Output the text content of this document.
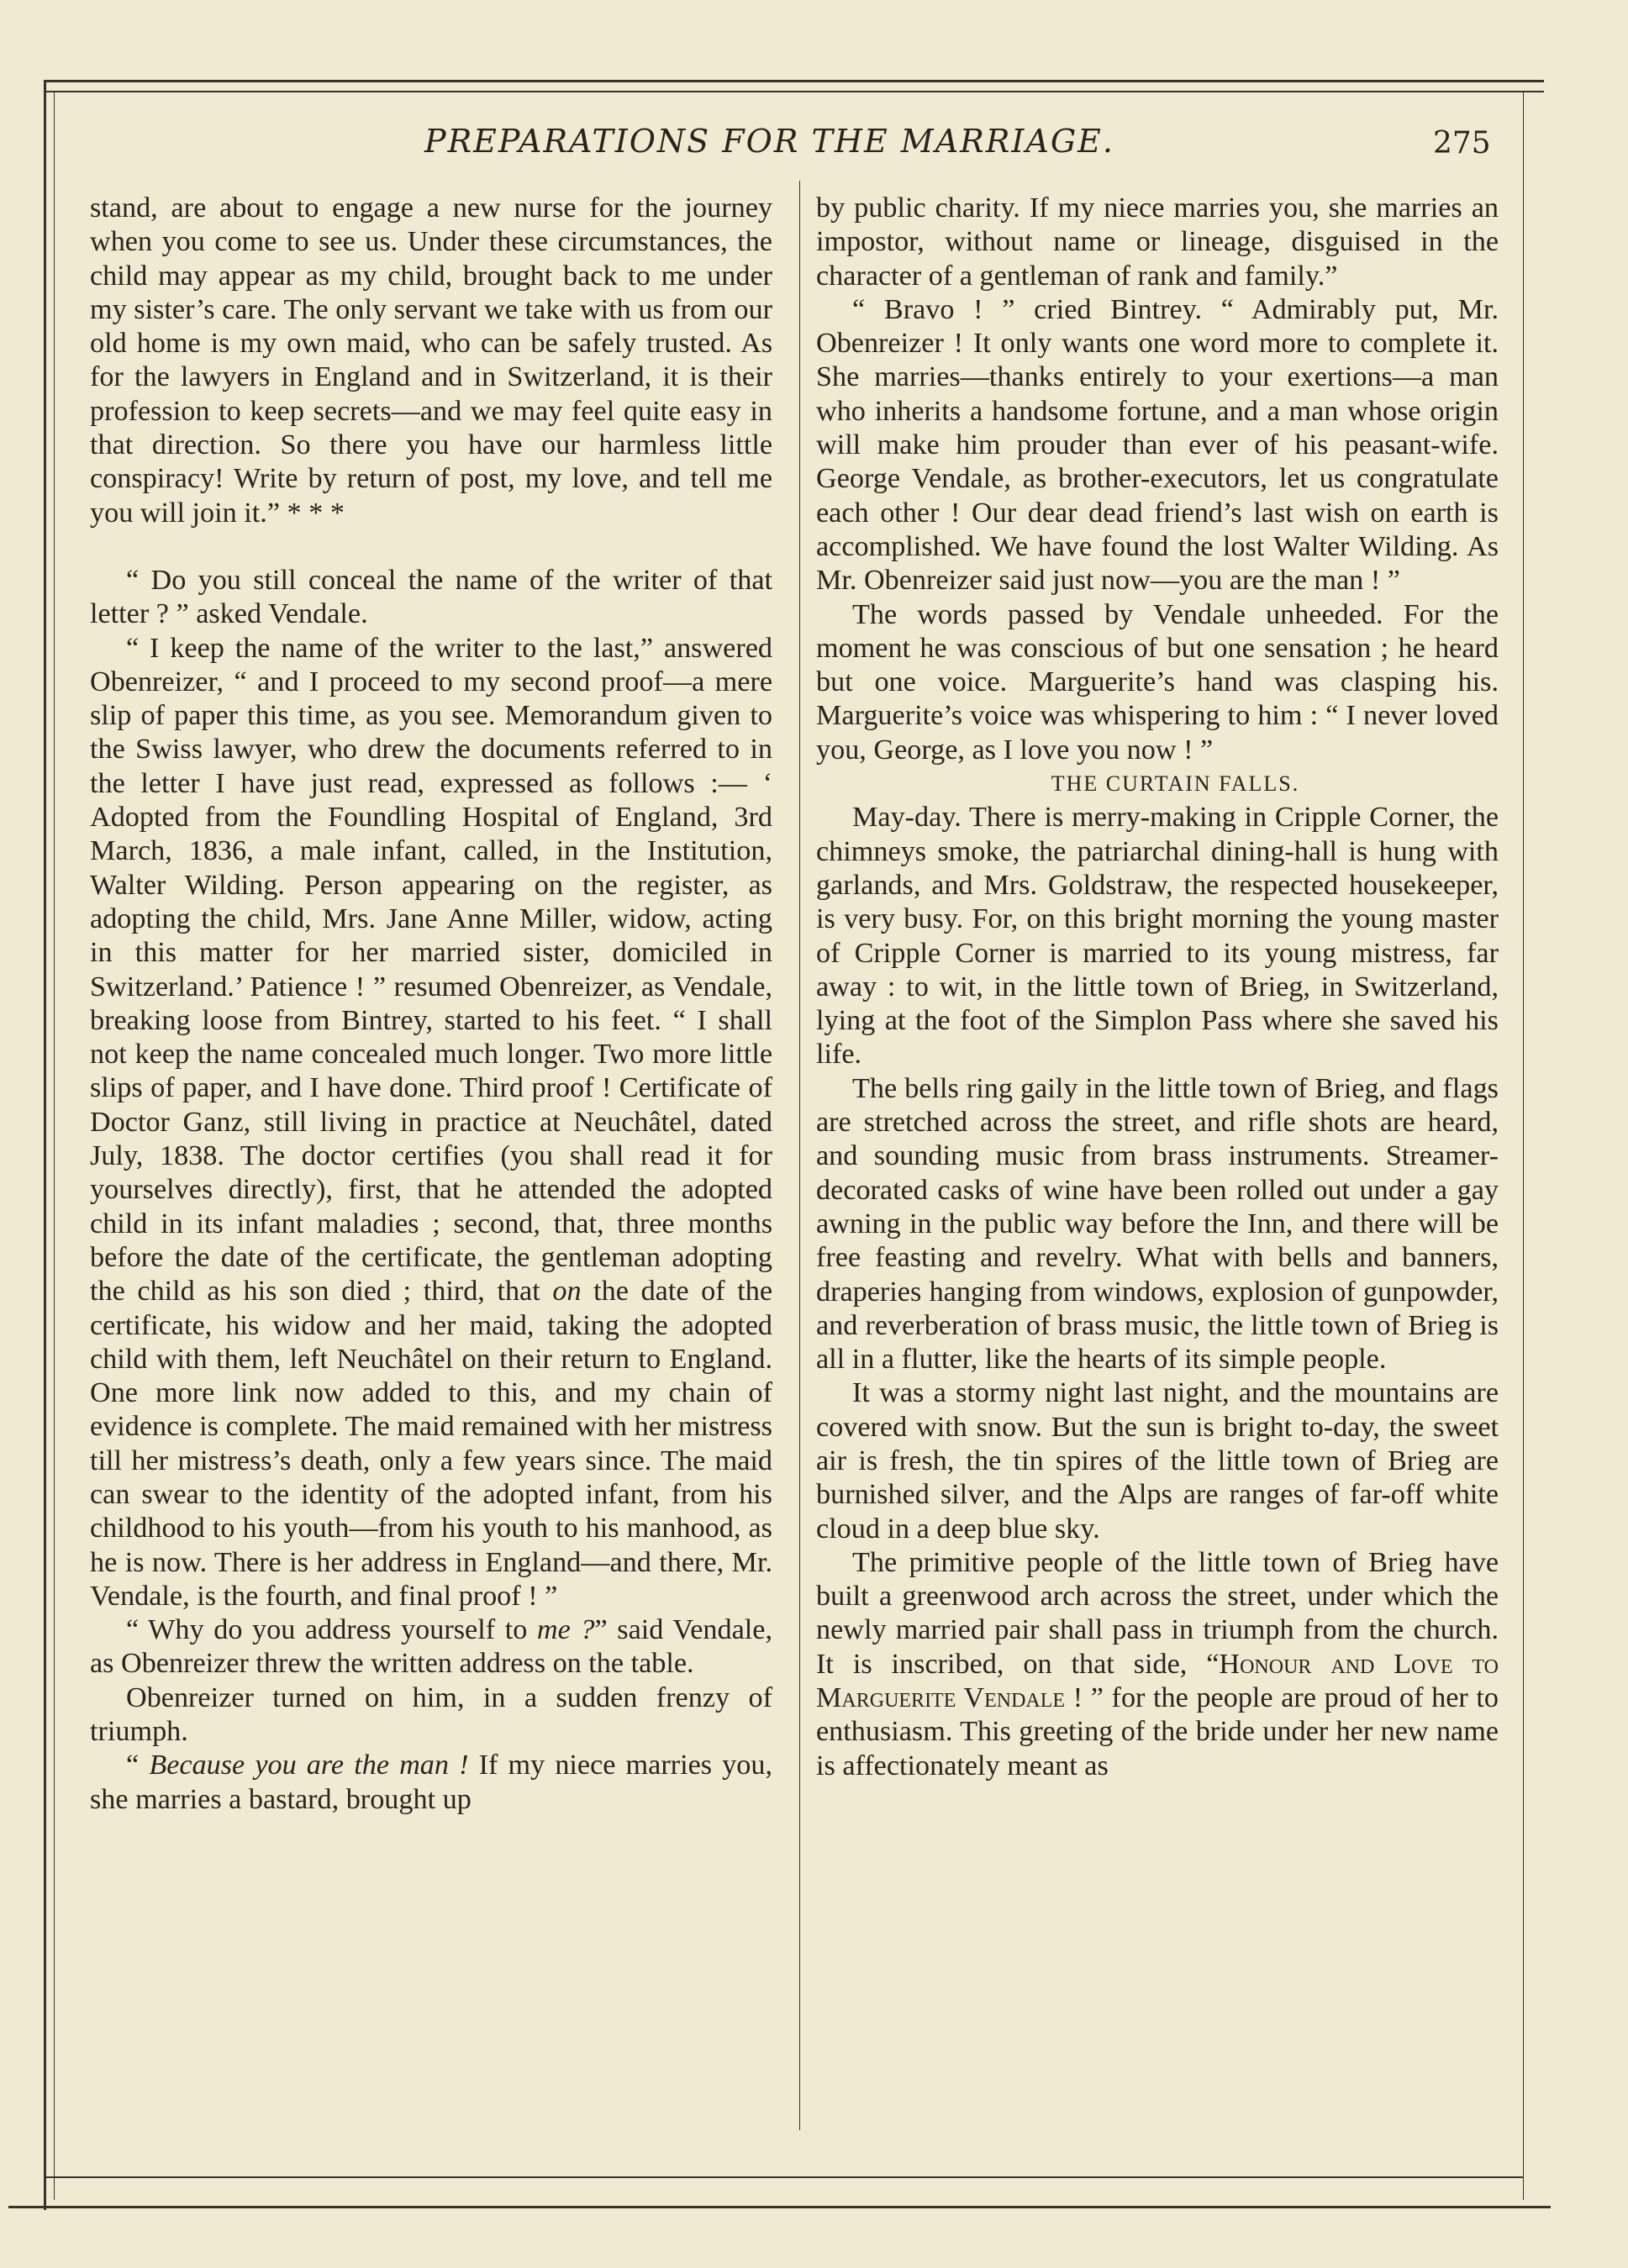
PREPARATIONS FOR THE MARRIAGE.	275

stand, are about to engage a new nurse for the journey when you come to see us. Under these circumstances, the child may appear as my child, brought back to me under my sister’s care. The only servant we take with us from our old home is my own maid, who can be safely trusted. As for the lawyers in England and in Switzerland, it is their profession to keep secrets—and we may feel quite easy in that direction. So there you have our harmless little conspiracy! Write by return of post, my love, and tell me you will join it.” * * *

“ Do you still conceal the name of the writer of that letter ? ” asked Vendale.

“ I keep the name of the writer to the last,” answered Obenreizer, “ and I proceed to my second proof—a mere slip of paper this time, as you see. Memorandum given to the Swiss lawyer, who drew the documents referred to in the letter I have just read, expressed as follows :— ‘ Adopted from the Foundling Hospital of England, 3rd March, 1836, a male infant, called, in the Institution, Walter Wilding. Person appearing on the register, as adopting the child, Mrs. Jane Anne Miller, widow, acting in this matter for her married sister, domiciled in Switzerland.’ Patience ! ” resumed Obenreizer, as Vendale, breaking loose from Bintrey, started to his feet. “ I shall not keep the name concealed much longer. Two more little slips of paper, and I have done. Third proof ! Certificate of Doctor Ganz, still living in practice at Neuchâtel, dated July, 1838. The doctor certifies (you shall read it for yourselves directly), first, that he attended the adopted child in its infant maladies ; second, that, three months before the date of the certificate, the gentleman adopting the child as his son died ; third, that on the date of the certificate, his widow and her maid, taking the adopted child with them, left Neuchâtel on their return to England. One more link now added to this, and my chain of evidence is complete. The maid remained with her mistress till her mistress’s death, only a few years since. The maid can swear to the identity of the adopted infant, from his childhood to his youth—from his youth to his manhood, as he is now. There is her address in England—and there, Mr. Vendale, is the fourth, and final proof ! ”

“ Why do you address yourself to me ?” said Vendale, as Obenreizer threw the written address on the table.

Obenreizer turned on him, in a sudden frenzy of triumph.

“ Because you are the man ! If my niece marries you, she marries a bastard, brought up

by public charity. If my niece marries you, she marries an impostor, without name or lineage, disguised in the character of a gentleman of rank and family.”

“ Bravo ! ” cried Bintrey. “ Admirably put, Mr. Obenreizer ! It only wants one word more to complete it. She marries—thanks entirely to your exertions—a man who inherits a handsome fortune, and a man whose origin will make him prouder than ever of his peasant-wife. George Vendale, as brother-executors, let us congratulate each other ! Our dear dead friend’s last wish on earth is accomplished. We have found the lost Walter Wilding. As Mr. Obenreizer said just now—you are the man ! ”

The words passed by Vendale unheeded. For the moment he was conscious of but one sensation ; he heard but one voice. Marguerite’s hand was clasping his. Marguerite’s voice was whispering to him : “ I never loved you, George, as I love you now ! ”

THE CURTAIN FALLS.

May-day. There is merry-making in Cripple Corner, the chimneys smoke, the patriarchal dining-hall is hung with garlands, and Mrs. Goldstraw, the respected housekeeper, is very busy. For, on this bright morning the young master of Cripple Corner is married to its young mistress, far away : to wit, in the little town of Brieg, in Switzerland, lying at the foot of the Simplon Pass where she saved his life.

The bells ring gaily in the little town of Brieg, and flags are stretched across the street, and rifle shots are heard, and sounding music from brass instruments. Streamer-decorated casks of wine have been rolled out under a gay awning in the public way before the Inn, and there will be free feasting and revelry. What with bells and banners, draperies hanging from windows, explosion of gunpowder, and reverberation of brass music, the little town of Brieg is all in a flutter, like the hearts of its simple people.

It was a stormy night last night, and the mountains are covered with snow. But the sun is bright to-day, the sweet air is fresh, the tin spires of the little town of Brieg are burnished silver, and the Alps are ranges of far-off white cloud in a deep blue sky.

The primitive people of the little town of Brieg have built a greenwood arch across the street, under which the newly married pair shall pass in triumph from the church. It is inscribed, on that side, “Honour and Love to Marguerite Vendale ! ” for the people are proud of her to enthusiasm. This greeting of the bride under her new name is affectionately meant as
